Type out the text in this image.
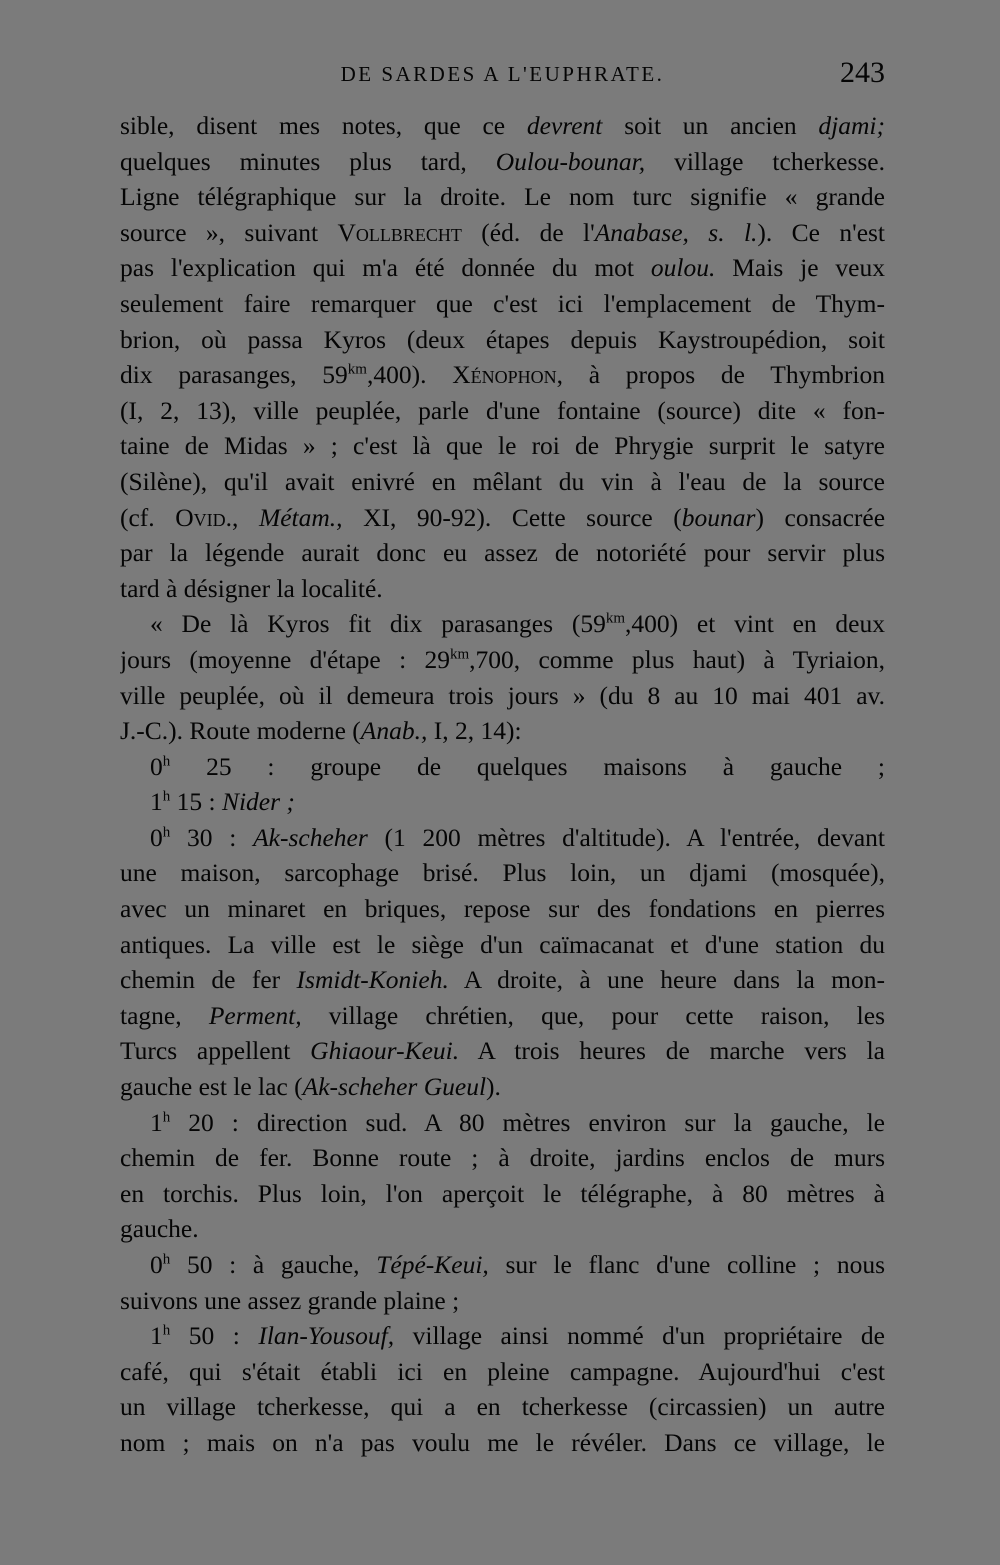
DE SARDES A L'EUPHRATE.	243
sible, disent mes notes, que ce devrent soit un ancien djami;
quelques minutes plus tard, Oulou-bounar, village tcherkesse.
Ligne télégraphique sur la droite. Le nom turc signifie « grande
source », suivant Vollbrecht (éd. de l'Anabase, s. l.). Ce n'est
pas l'explication qui m'a été donnée du mot oulou. Mais je veux
seulement faire remarquer que c'est ici l'emplacement de Thym-
brion, où passa Kyros (deux étapes depuis Kaystroupédion, soit
dix parasanges, $59^{km},400$). Xénophon, à propos de Thymbrion
(I, 2, 13), ville peuplée, parle d'une fontaine (source) dite « fon-
taine de Midas » ; c'est là que le roi de Phrygie surprit le satyre
(Silène), qu'il avait enivré en mêlant du vin à l'eau de la source
(cf. Ovid., Métam., XI, 90-92). Cette source (bounar) consacrée
par la légende aurait donc eu assez de notoriété pour servir plus
tard à désigner la localité.
« De là Kyros fit dix parasanges $(59^{km},400)$ et vint en deux
jours (moyenne d'étape : $29^{km},700$, comme plus haut) à Tyriaion,
ville peuplée, où il demeura trois jours » (du 8 au 10 mai 401 av.
J.-C.). Route moderne (Anab., I, 2, 14):
0$^h$ 25 : groupe de quelques maisons à gauche ;
1$^h$ 15 : Nider ;
0$^h$ 30 : Ak-scheher (1 200 mètres d'altitude). A l'entrée, devant
une maison, sarcophage brisé. Plus loin, un djami (mosquée),
avec un minaret en briques, repose sur des fondations en pierres
antiques. La ville est le siège d'un caïmacanat et d'une station du
chemin de fer Ismidt-Konieh. A droite, à une heure dans la mon-
tagne, Perment, village chrétien, que, pour cette raison, les
Turcs appellent Ghiaour-Keui. A trois heures de marche vers la
gauche est le lac (Ak-scheher Gueul).
1$^h$ 20 : direction sud. A 80 mètres environ sur la gauche, le
chemin de fer. Bonne route ; à droite, jardins enclos de murs
en torchis. Plus loin, l'on aperçoit le télégraphe, à 80 mètres à
gauche.
0$^h$ 50 : à gauche, Tépé-Keui, sur le flanc d'une colline ; nous
suivons une assez grande plaine ;
1$^h$ 50 : Ilan-Yousouf, village ainsi nommé d'un propriétaire de
café, qui s'était établi ici en pleine campagne. Aujourd'hui c'est
un village tcherkesse, qui a en tcherkesse (circassien) un autre
nom ; mais on n'a pas voulu me le révéler. Dans ce village, le
